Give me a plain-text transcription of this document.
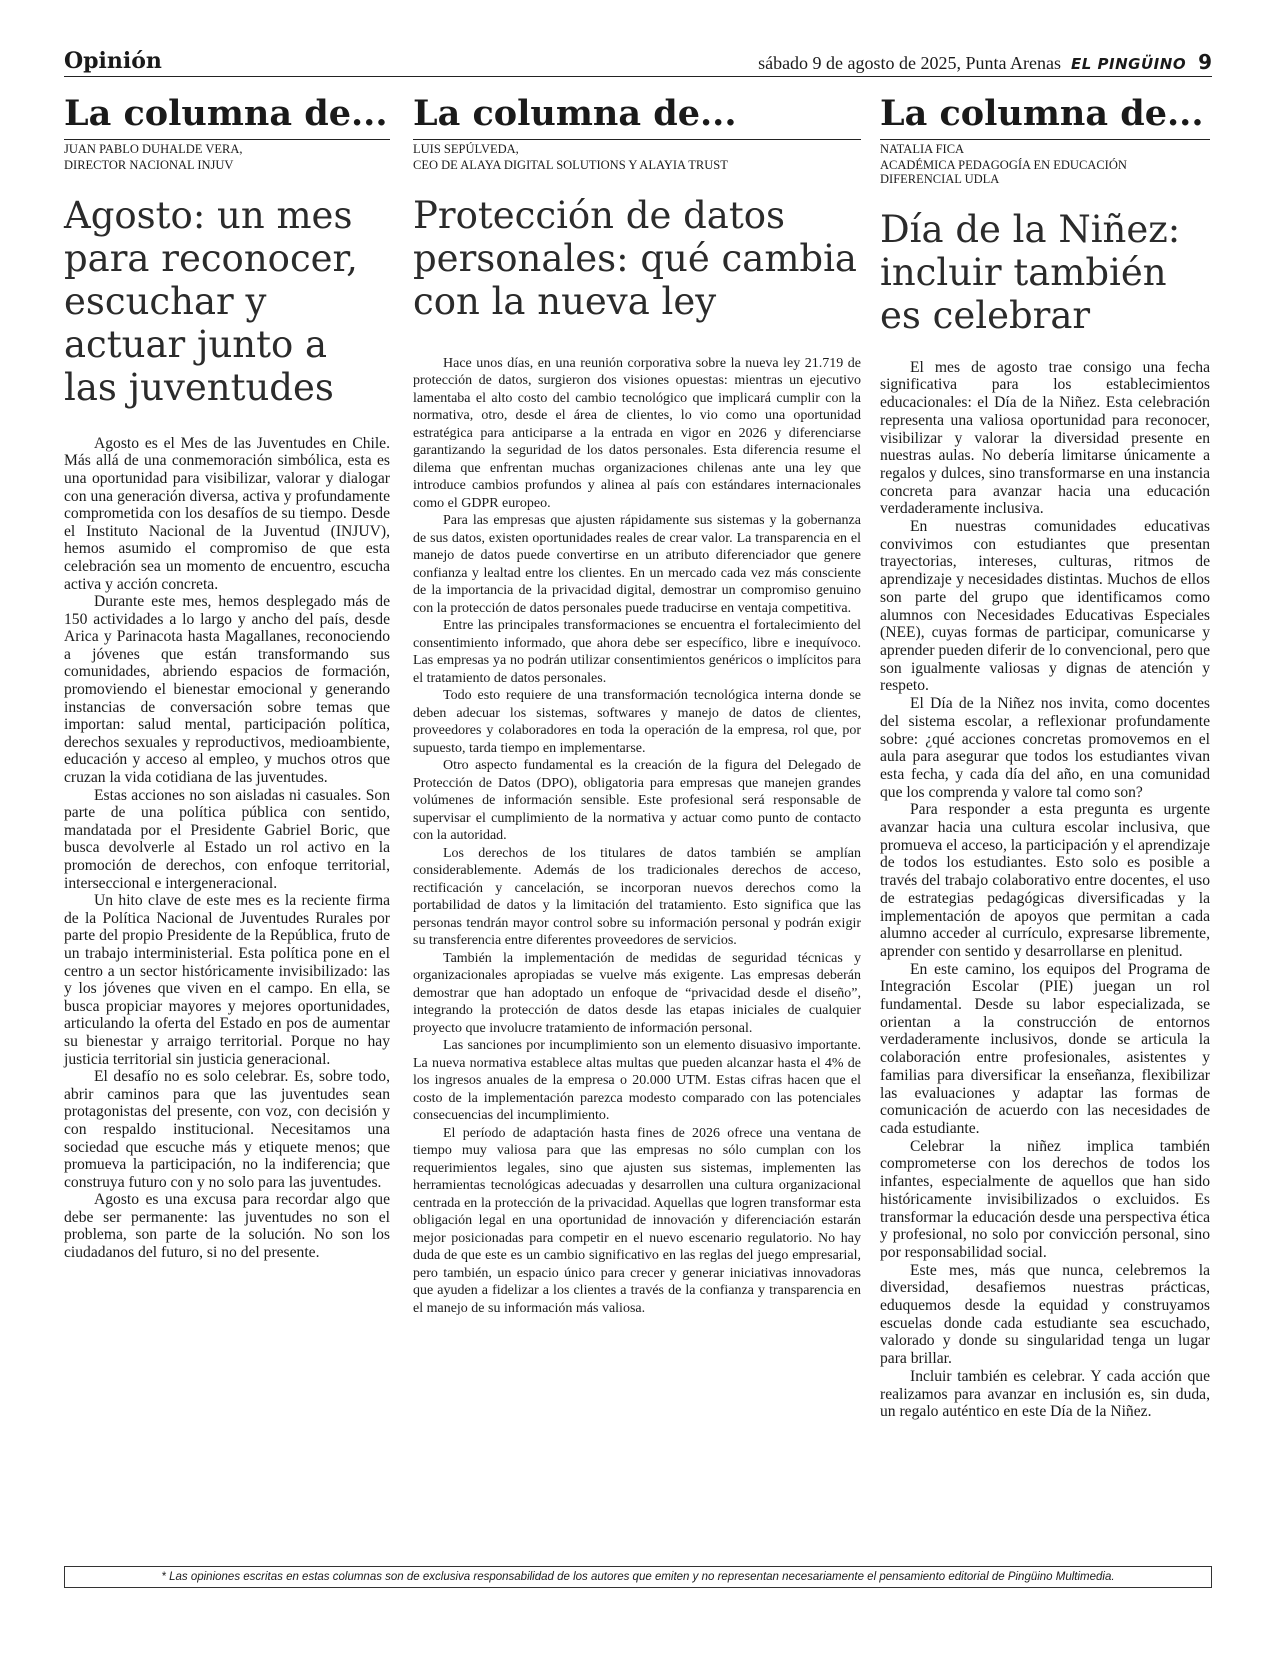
Opinión	sábado 9 de agosto de 2025, Punta Arenas EL PINGÜINO 9
La columna de...
JUAN PABLO DUHALDE VERA,
DIRECTOR NACIONAL INJUV
Agosto: un mes para reconocer, escuchar y actuar junto a las juventudes

Agosto es el Mes de las Juventudes en Chile. Más allá de una conmemoración simbólica, esta es una oportunidad para visibilizar, valorar y dialogar con una generación diversa, activa y profundamente comprometida con los desafíos de su tiempo. Desde el Instituto Nacional de la Juventud (INJUV), hemos asumido el compromiso de que esta celebración sea un momento de encuentro, escucha activa y acción concreta.

Durante este mes, hemos desplegado más de 150 actividades a lo largo y ancho del país, desde Arica y Parinacota hasta Magallanes, reconociendo a jóvenes que están transformando sus comunidades, abriendo espacios de formación, promoviendo el bienestar emocional y generando instancias de conversación sobre temas que importan: salud mental, participación política, derechos sexuales y reproductivos, medioambiente, educación y acceso al empleo, y muchos otros que cruzan la vida cotidiana de las juventudes.

Estas acciones no son aisladas ni casuales. Son parte de una política pública con sentido, mandatada por el Presidente Gabriel Boric, que busca devolverle al Estado un rol activo en la promoción de derechos, con enfoque territorial, interseccional e intergeneracional.

Un hito clave de este mes es la reciente firma de la Política Nacional de Juventudes Rurales por parte del propio Presidente de la República, fruto de un trabajo interministerial. Esta política pone en el centro a un sector históricamente invisibilizado: las y los jóvenes que viven en el campo. En ella, se busca propiciar mayores y mejores oportunidades, articulando la oferta del Estado en pos de aumentar su bienestar y arraigo territorial. Porque no hay justicia territorial sin justicia generacional.

El desafío no es solo celebrar. Es, sobre todo, abrir caminos para que las juventudes sean protagonistas del presente, con voz, con decisión y con respaldo institucional. Necesitamos una sociedad que escuche más y etiquete menos; que promueva la participación, no la indiferencia; que construya futuro con y no solo para las juventudes.

Agosto es una excusa para recordar algo que debe ser permanente: las juventudes no son el problema, son parte de la solución. No son los ciudadanos del futuro, si no del presente.

La columna de...
LUIS SEPÚLVEDA,
CEO DE ALAYA DIGITAL SOLUTIONS Y ALAYIA TRUST
Protección de datos personales: qué cambia con la nueva ley

Hace unos días, en una reunión corporativa sobre la nueva ley 21.719 de protección de datos, surgieron dos visiones opuestas: mientras un ejecutivo lamentaba el alto costo del cambio tecnológico que implicará cumplir con la normativa, otro, desde el área de clientes, lo vio como una oportunidad estratégica para anticiparse a la entrada en vigor en 2026 y diferenciarse garantizando la seguridad de los datos personales. Esta diferencia resume el dilema que enfrentan muchas organizaciones chilenas ante una ley que introduce cambios profundos y alinea al país con estándares internacionales como el GDPR europeo.

Para las empresas que ajusten rápidamente sus sistemas y la gobernanza de sus datos, existen oportunidades reales de crear valor. La transparencia en el manejo de datos puede convertirse en un atributo diferenciador que genere confianza y lealtad entre los clientes. En un mercado cada vez más consciente de la importancia de la privacidad digital, demostrar un compromiso genuino con la protección de datos personales puede traducirse en ventaja competitiva.

Entre las principales transformaciones se encuentra el fortalecimiento del consentimiento informado, que ahora debe ser específico, libre e inequívoco. Las empresas ya no podrán utilizar consentimientos genéricos o implícitos para el tratamiento de datos personales.

Todo esto requiere de una transformación tecnológica interna donde se deben adecuar los sistemas, softwares y manejo de datos de clientes, proveedores y colaboradores en toda la operación de la empresa, rol que, por supuesto, tarda tiempo en implementarse.

Otro aspecto fundamental es la creación de la figura del Delegado de Protección de Datos (DPO), obligatoria para empresas que manejen grandes volúmenes de información sensible. Este profesional será responsable de supervisar el cumplimiento de la normativa y actuar como punto de contacto con la autoridad.

Los derechos de los titulares de datos también se amplían considerablemente. Además de los tradicionales derechos de acceso, rectificación y cancelación, se incorporan nuevos derechos como la portabilidad de datos y la limitación del tratamiento. Esto significa que las personas tendrán mayor control sobre su información personal y podrán exigir su transferencia entre diferentes proveedores de servicios.

También la implementación de medidas de seguridad técnicas y organizacionales apropiadas se vuelve más exigente. Las empresas deberán demostrar que han adoptado un enfoque de “privacidad desde el diseño”, integrando la protección de datos desde las etapas iniciales de cualquier proyecto que involucre tratamiento de información personal.

Las sanciones por incumplimiento son un elemento disuasivo importante. La nueva normativa establece altas multas que pueden alcanzar hasta el 4% de los ingresos anuales de la empresa o 20.000 UTM. Estas cifras hacen que el costo de la implementación parezca modesto comparado con las potenciales consecuencias del incumplimiento.

El período de adaptación hasta fines de 2026 ofrece una ventana de tiempo muy valiosa para que las empresas no sólo cumplan con los requerimientos legales, sino que ajusten sus sistemas, implementen las herramientas tecnológicas adecuadas y desarrollen una cultura organizacional centrada en la protección de la privacidad. Aquellas que logren transformar esta obligación legal en una oportunidad de innovación y diferenciación estarán mejor posicionadas para competir en el nuevo escenario regulatorio. No hay duda de que este es un cambio significativo en las reglas del juego empresarial, pero también, un espacio único para crecer y generar iniciativas innovadoras que ayuden a fidelizar a los clientes a través de la confianza y transparencia en el manejo de su información más valiosa.

La columna de...
NATALIA FICA
ACADÉMICA PEDAGOGÍA EN EDUCACIÓN DIFERENCIAL UDLA
Día de la Niñez: incluir también es celebrar

El mes de agosto trae consigo una fecha significativa para los establecimientos educacionales: el Día de la Niñez. Esta celebración representa una valiosa oportunidad para reconocer, visibilizar y valorar la diversidad presente en nuestras aulas. No debería limitarse únicamente a regalos y dulces, sino transformarse en una instancia concreta para avanzar hacia una educación verdaderamente inclusiva.

En nuestras comunidades educativas convivimos con estudiantes que presentan trayectorias, intereses, culturas, ritmos de aprendizaje y necesidades distintas. Muchos de ellos son parte del grupo que identificamos como alumnos con Necesidades Educativas Especiales (NEE), cuyas formas de participar, comunicarse y aprender pueden diferir de lo convencional, pero que son igualmente valiosas y dignas de atención y respeto.

El Día de la Niñez nos invita, como docentes del sistema escolar, a reflexionar profundamente sobre: ¿qué acciones concretas promovemos en el aula para asegurar que todos los estudiantes vivan esta fecha, y cada día del año, en una comunidad que los comprenda y valore tal como son?

Para responder a esta pregunta es urgente avanzar hacia una cultura escolar inclusiva, que promueva el acceso, la participación y el aprendizaje de todos los estudiantes. Esto solo es posible a través del trabajo colaborativo entre docentes, el uso de estrategias pedagógicas diversificadas y la implementación de apoyos que permitan a cada alumno acceder al currículo, expresarse libremente, aprender con sentido y desarrollarse en plenitud.

En este camino, los equipos del Programa de Integración Escolar (PIE) juegan un rol fundamental. Desde su labor especializada, se orientan a la construcción de entornos verdaderamente inclusivos, donde se articula la colaboración entre profesionales, asistentes y familias para diversificar la enseñanza, flexibilizar las evaluaciones y adaptar las formas de comunicación de acuerdo con las necesidades de cada estudiante.

Celebrar la niñez implica también comprometerse con los derechos de todos los infantes, especialmente de aquellos que han sido históricamente invisibilizados o excluidos. Es transformar la educación desde una perspectiva ética y profesional, no solo por convicción personal, sino por responsabilidad social.

Este mes, más que nunca, celebremos la diversidad, desafiemos nuestras prácticas, eduquemos desde la equidad y construyamos escuelas donde cada estudiante sea escuchado, valorado y donde su singularidad tenga un lugar para brillar.

Incluir también es celebrar. Y cada acción que realizamos para avanzar en inclusión es, sin duda, un regalo auténtico en este Día de la Niñez.

* Las opiniones escritas en estas columnas son de exclusiva responsabilidad de los autores que emiten y no representan necesariamente el pensamiento editorial de Pingüino Multimedia.
